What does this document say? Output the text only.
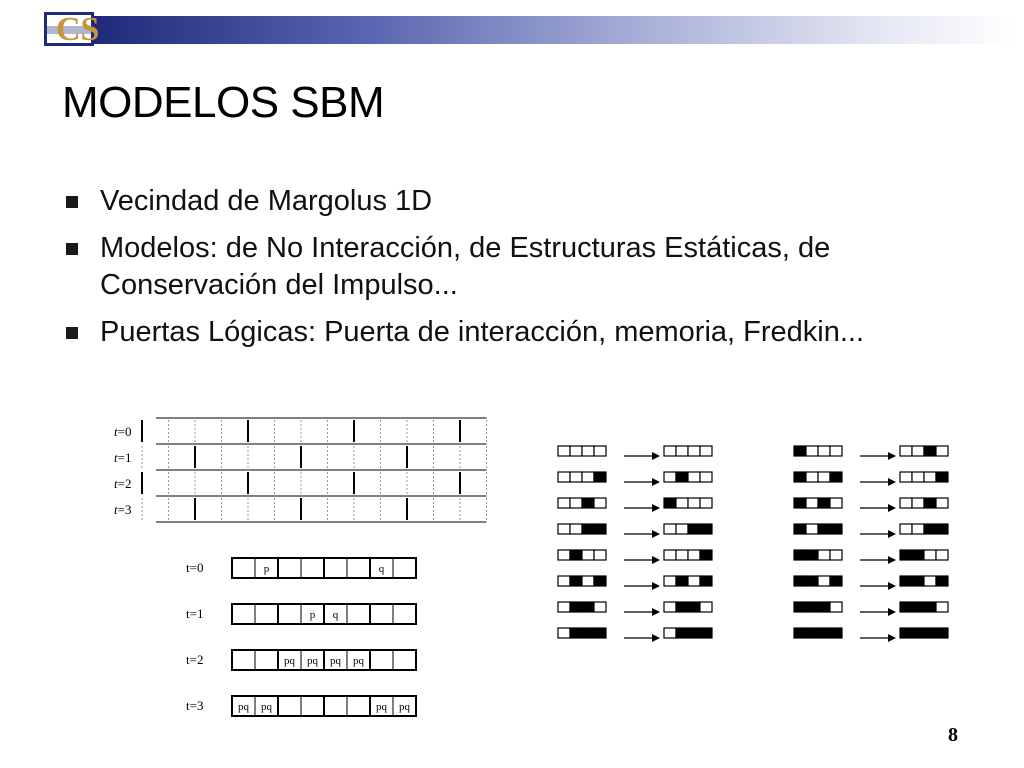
CS
MODELOS SBM
Vecindad de Margolus 1D
Modelos: de No Interacción, de Estructuras Estáticas, de Conservación del Impulso...
Puertas Lógicas: Puerta de interacción, memoria, Fredkin...
t=0
t=1
t=2
t=3
p	q
p q
pq pq pq pq
pq pq	pq pq
t=0
t=1
t=2
t=3
8
